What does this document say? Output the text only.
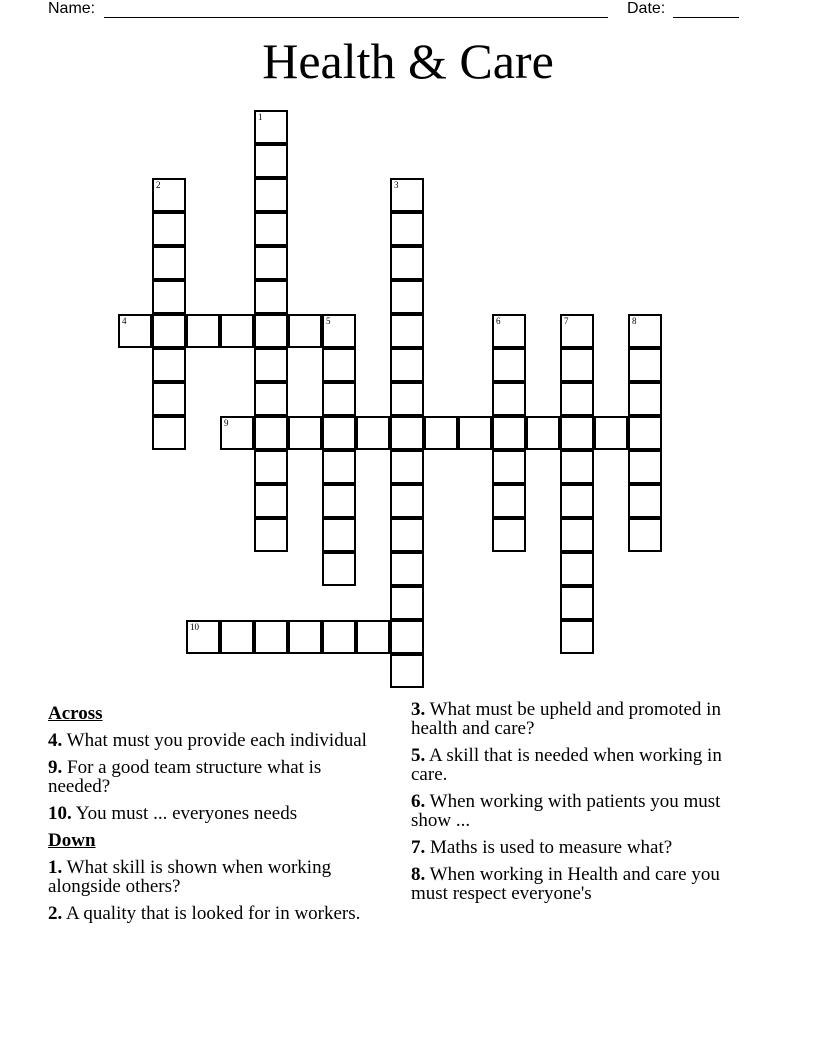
Name:	Date:
Health & Care
1
2	3
4	5	6	7	8
9
10
Across
4. What must you provide each individual
9. For a good team structure what is needed?
10. You must ... everyones needs
Down
1. What skill is shown when working alongside others?
2. A quality that is looked for in workers.
3. What must be upheld and promoted in health and care?
5. A skill that is needed when working in care.
6. When working with patients you must show ...
7. Maths is used to measure what?
8. When working in Health and care you must respect everyone's
